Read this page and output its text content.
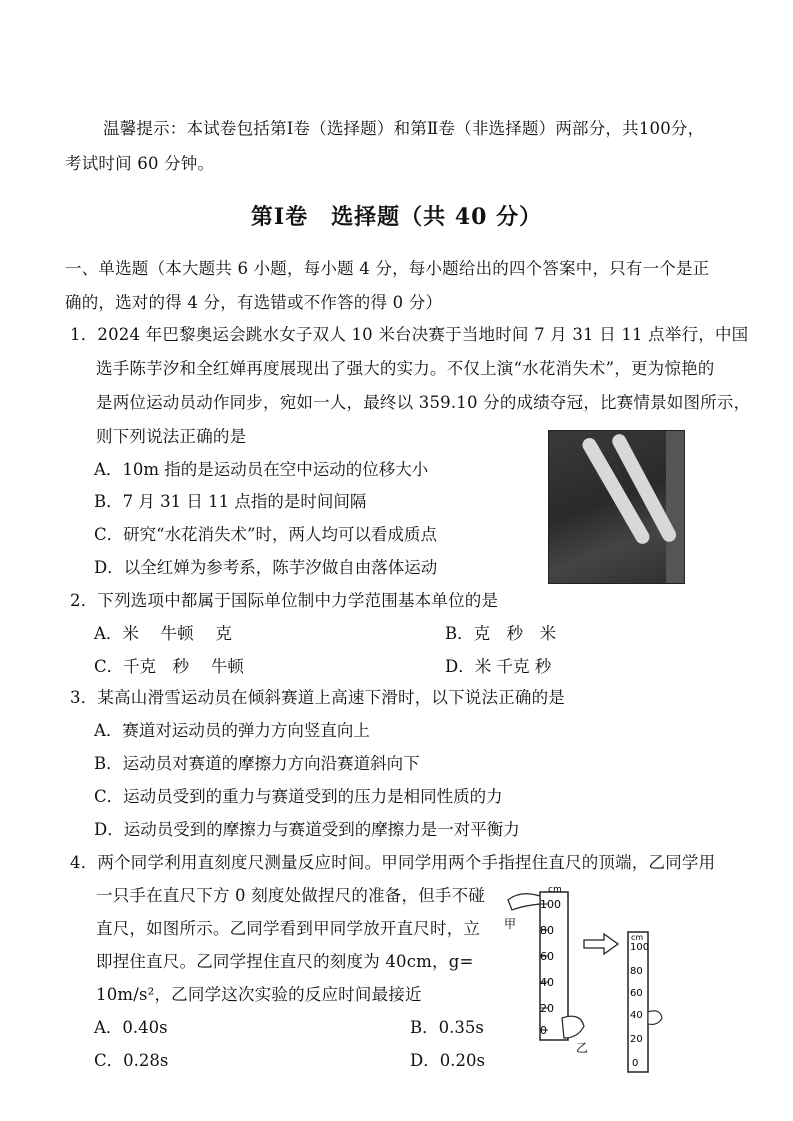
温馨提示：本试卷包括第Ⅰ卷（选择题）和第Ⅱ卷（非选择题）两部分，共100分，
考试时间 60 分钟。
第Ⅰ卷　选择题（共 40 分）
一、单选题（本大题共 6 小题，每小题 4 分，每小题给出的四个答案中，只有一个是正
确的，选对的得 4 分，有选错或不作答的得 0 分）
1．2024 年巴黎奥运会跳水女子双人 10 米台决赛于当地时间 7 月 31 日 11 点举行，中国
选手陈芋汐和全红婵再度展现出了强大的实力。不仅上演“水花消失术”，更为惊艳的
是两位运动员动作同步，宛如一人，最终以 359.10 分的成绩夺冠，比赛情景如图所示，
则下列说法正确的是
A．10m 指的是运动员在空中运动的位移大小
B．7 月 31 日 11 点指的是时间间隔
C．研究“水花消失术”时，两人均可以看成质点
D．以全红婵为参考系，陈芋汐做自由落体运动
2．下列选项中都属于国际单位制中力学范围基本单位的是
A．米　 牛顿　 克	B．克　秒　米
C．千克　秒　 牛顿	D．米 千克 秒
3．某高山滑雪运动员在倾斜赛道上高速下滑时，以下说法正确的是
A．赛道对运动员的弹力方向竖直向上
B．运动员对赛道的摩擦力方向沿赛道斜向下
C．运动员受到的重力与赛道受到的压力是相同性质的力
D．运动员受到的摩擦力与赛道受到的摩擦力是一对平衡力
4．两个同学利用直刻度尺测量反应时间。甲同学用两个手指捏住直尺的顶端，乙同学用
一只手在直尺下方 0 刻度处做捏尺的准备，但手不碰
直尺，如图所示。乙同学看到甲同学放开直尺时，立
即捏住直尺。乙同学捏住直尺的刻度为 40cm，g=
10m/s²，乙同学这次实验的反应时间最接近
A．0.40s	B．0.35s
C．0.28s	D．0.20s
cm
100
80
60
40
20
0
甲
乙
cm
100
80
60
40
20
0
